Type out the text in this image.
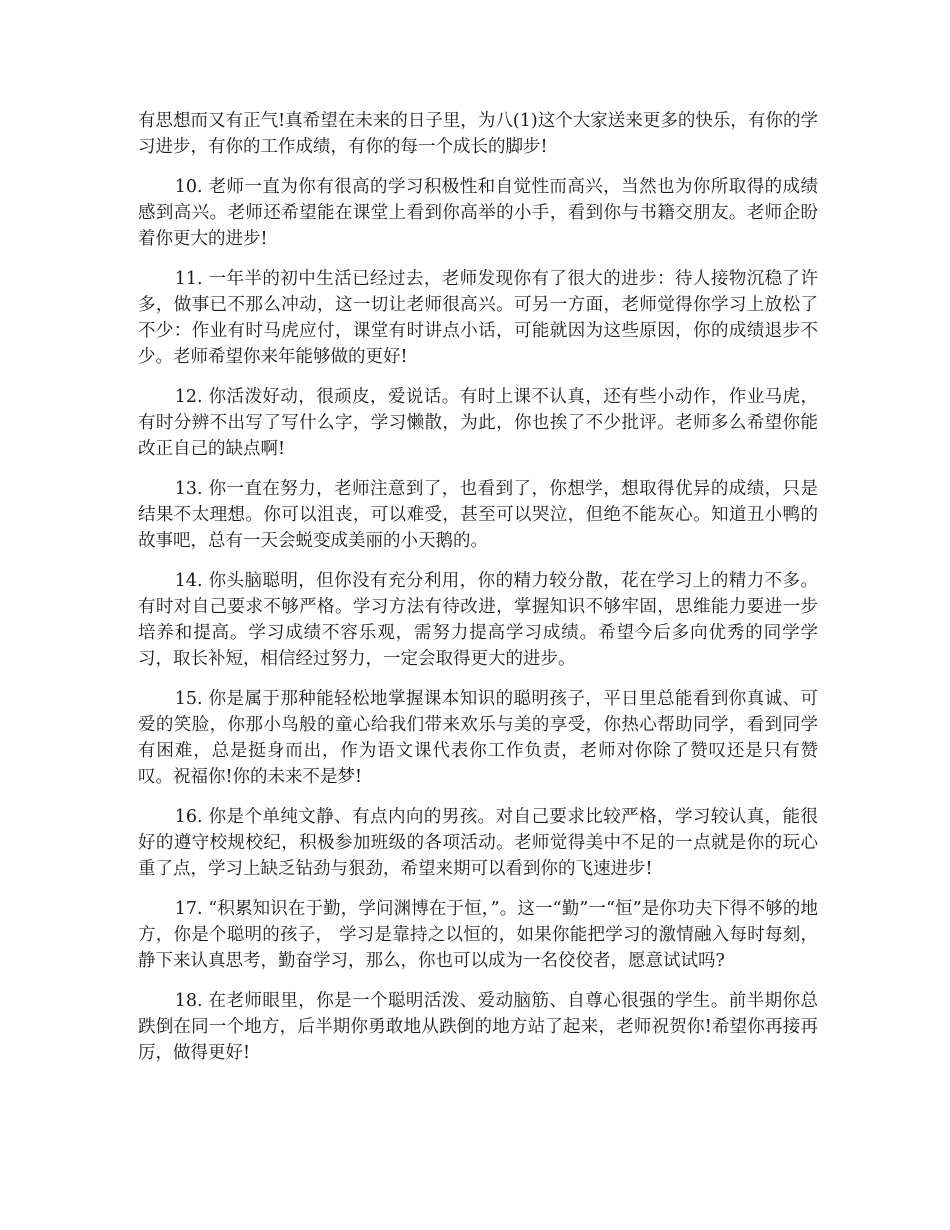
有思想而又有正气!真希望在未来的日子里，为八(1)这个大家送来更多的快乐，有你的学习进步，有你的工作成绩，有你的每一个成长的脚步!

10. 老师一直为你有很高的学习积极性和自觉性而高兴，当然也为你所取得的成绩感到高兴。老师还希望能在课堂上看到你高举的小手，看到你与书籍交朋友。老师企盼着你更大的进步!

11. 一年半的初中生活已经过去，老师发现你有了很大的进步：待人接物沉稳了许多，做事已不那么冲动，这一切让老师很高兴。可另一方面，老师觉得你学习上放松了不少：作业有时马虎应付，课堂有时讲点小话，可能就因为这些原因，你的成绩退步不少。老师希望你来年能够做的更好!

12. 你活泼好动，很顽皮，爱说话。有时上课不认真，还有些小动作，作业马虎，有时分辨不出写了写什么字，学习懒散，为此，你也挨了不少批评。老师多么希望你能改正自己的缺点啊!

13. 你一直在努力，老师注意到了，也看到了，你想学，想取得优异的成绩，只是结果不太理想。你可以沮丧，可以难受，甚至可以哭泣，但绝不能灰心。知道丑小鸭的故事吧，总有一天会蜕变成美丽的小天鹅的。

14. 你头脑聪明，但你没有充分利用，你的精力较分散，花在学习上的精力不多。有时对自己要求不够严格。学习方法有待改进，掌握知识不够牢固，思维能力要进一步培养和提高。学习成绩不容乐观，需努力提高学习成绩。希望今后多向优秀的同学学习，取长补短，相信经过努力，一定会取得更大的进步。

15. 你是属于那种能轻松地掌握课本知识的聪明孩子，平日里总能看到你真诚、可爱的笑脸，你那小鸟般的童心给我们带来欢乐与美的享受，你热心帮助同学，看到同学有困难，总是挺身而出，作为语文课代表你工作负责，老师对你除了赞叹还是只有赞叹。祝福你!你的未来不是梦!

16. 你是个单纯文静、有点内向的男孩。对自己要求比较严格，学习较认真，能很好的遵守校规校纪，积极参加班级的各项活动。老师觉得美中不足的一点就是你的玩心重了点，学习上缺乏钻劲与狠劲，希望来期可以看到你的飞速进步!

17. “积累知识在于勤，学问渊博在于恒，”。这一“勤”一“恒”是你功夫下得不够的地方，你是个聪明的孩子， 学习是靠持之以恒的，如果你能把学习的激情融入每时每刻，静下来认真思考，勤奋学习，那么，你也可以成为一名佼佼者，愿意试试吗?

18. 在老师眼里，你是一个聪明活泼、爱动脑筋、自尊心很强的学生。前半期你总跌倒在同一个地方，后半期你勇敢地从跌倒的地方站了起来，老师祝贺你!希望你再接再厉，做得更好!
